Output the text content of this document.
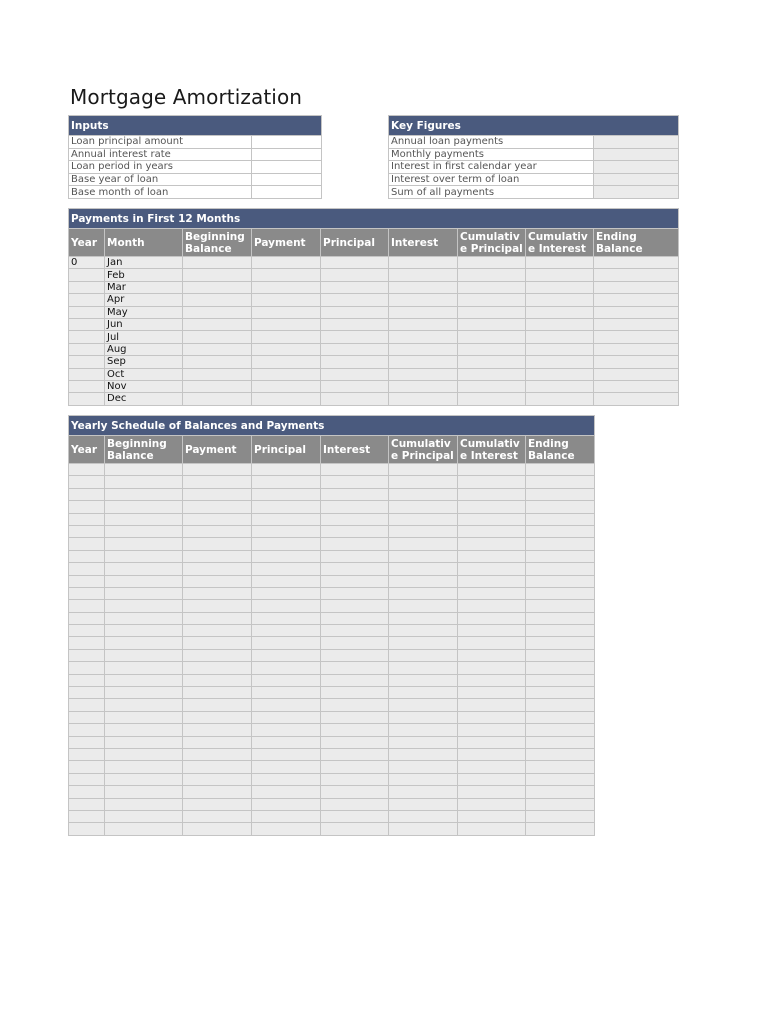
Mortgage Amortization
Inputs	
Loan principal amount	
Annual interest rate	
Loan period in years	
Base year of loan	
Base month of loan	
Key Figures	
Annual loan payments	
Monthly payments	
Interest in first calendar year	
Interest over term of loan	
Sum of all payments	
Payments in First 12 Months								
Year	Month	Beginning Balance	Payment	Principal	Interest	Cumulativ e Principal	Cumulativ e Interest	Ending Balance
0	Jan							
	Feb							
	Mar							
	Apr							
	May							
	Jun							
	Jul							
	Aug							
	Sep							
	Oct							
	Nov							
	Dec							
Yearly Schedule of Balances and Payments							
Year	Beginning Balance	Payment	Principal	Interest	Cumulativ e Principal	Cumulativ e Interest	Ending Balance
